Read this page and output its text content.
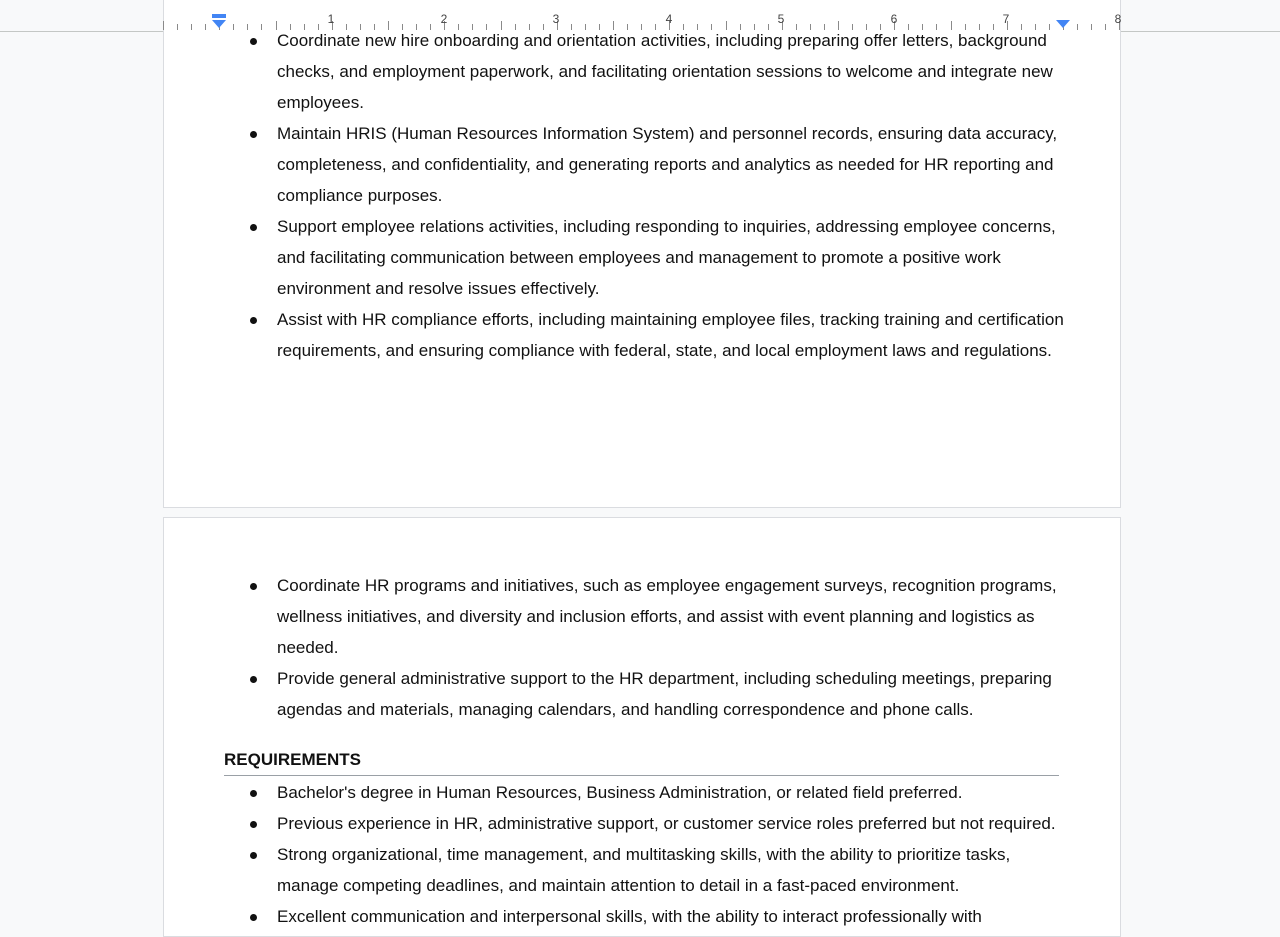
1	2	3	4	5	6	7	8
Coordinate new hire onboarding and orientation activities, including preparing offer letters, background checks, and employment paperwork, and facilitating orientation sessions to welcome and integrate new employees.
Maintain HRIS (Human Resources Information System) and personnel records, ensuring data accuracy, completeness, and confidentiality, and generating reports and analytics as needed for HR reporting and compliance purposes.
Support employee relations activities, including responding to inquiries, addressing employee concerns, and facilitating communication between employees and management to promote a positive work environment and resolve issues effectively.
Assist with HR compliance efforts, including maintaining employee files, tracking training and certification requirements, and ensuring compliance with federal, state, and local employment laws and regulations.
Coordinate HR programs and initiatives, such as employee engagement surveys, recognition programs, wellness initiatives, and diversity and inclusion efforts, and assist with event planning and logistics as needed.
Provide general administrative support to the HR department, including scheduling meetings, preparing agendas and materials, managing calendars, and handling correspondence and phone calls.
REQUIREMENTS
Bachelor's degree in Human Resources, Business Administration, or related field preferred.
Previous experience in HR, administrative support, or customer service roles preferred but not required.
Strong organizational, time management, and multitasking skills, with the ability to prioritize tasks, manage competing deadlines, and maintain attention to detail in a fast-paced environment.
Excellent communication and interpersonal skills, with the ability to interact professionally with
